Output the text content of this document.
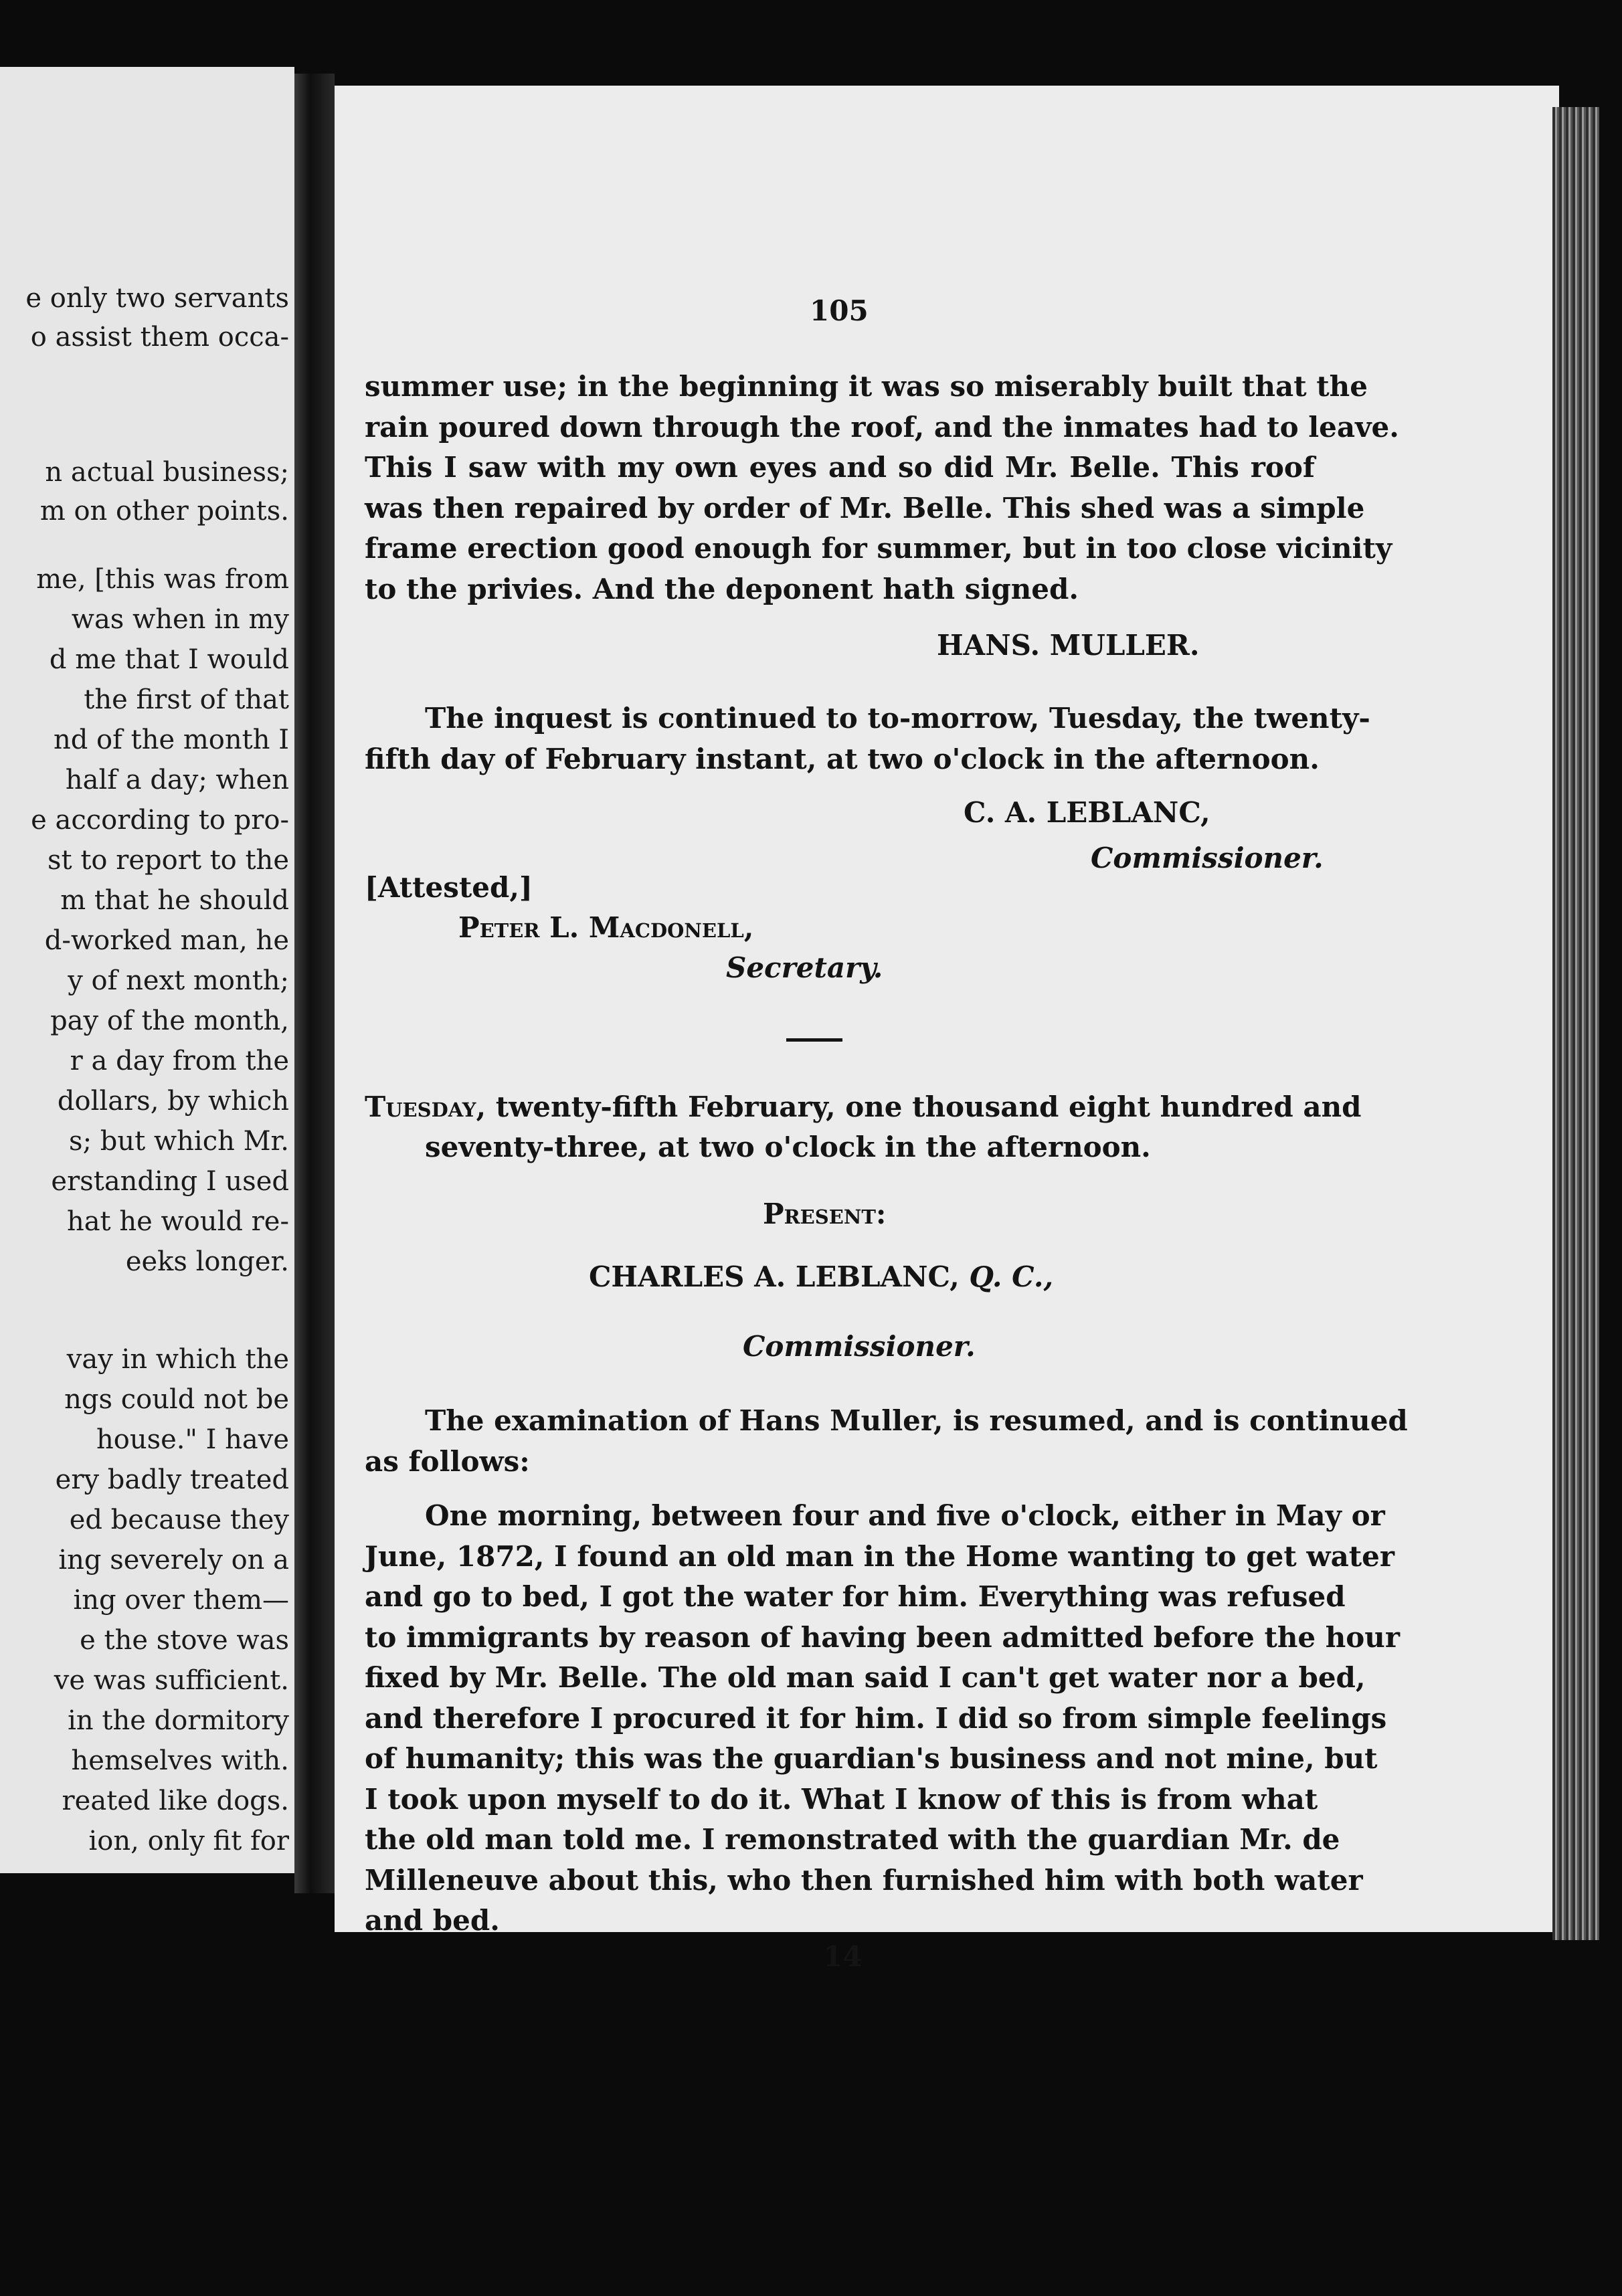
e only two servants
o assist them occa-
n actual business;
m on other points.
me, [this was from
was when in my
d me that I would
the first of that
nd of the month I
half a day; when
e according to pro-
st to report to the
m that he should
d-worked man, he
y of next month;
pay of the month,
r a day from the
dollars, by which
s; but which Mr.
erstanding I used
hat he would re-
eeks longer.
vay in which the
ngs could not be
house." I have
ery badly treated
ed because they
ing severely on a
ing over them—
e the stove was
ve was sufficient.
in the dormitory
hemselves with.
reated like dogs.
ion, only fit for
105
summer use; in the beginning it was so miserably built that the
rain poured down through the roof, and the inmates had to leave.
This I saw with my own eyes and so did Mr. Belle. This roof
was then repaired by order of Mr. Belle. This shed was a simple
frame erection good enough for summer, but in too close vicinity
to the privies. And the deponent hath signed.
HANS. MULLER.
The inquest is continued to to-morrow, Tuesday, the twenty-
fifth day of February instant, at two o'clock in the afternoon.
C. A. LEBLANC,
Commissioner.
[Attested,]
Peter L. Macdonell,
Secretary.
Tuesday, twenty-fifth February, one thousand eight hundred and
seventy-three, at two o'clock in the afternoon.
Present:
CHARLES A. LEBLANC, Q. C.,
Commissioner.
The examination of Hans Muller, is resumed, and is continued
as follows:
One morning, between four and five o'clock, either in May or
June, 1872, I found an old man in the Home wanting to get water
and go to bed, I got the water for him. Everything was refused
to immigrants by reason of having been admitted before the hour
fixed by Mr. Belle. The old man said I can't get water nor a bed,
and therefore I procured it for him. I did so from simple feelings
of humanity; this was the guardian's business and not mine, but
I took upon myself to do it. What I know of this is from what
the old man told me. I remonstrated with the guardian Mr. de
Milleneuve about this, who then furnished him with both water
and bed.
14
